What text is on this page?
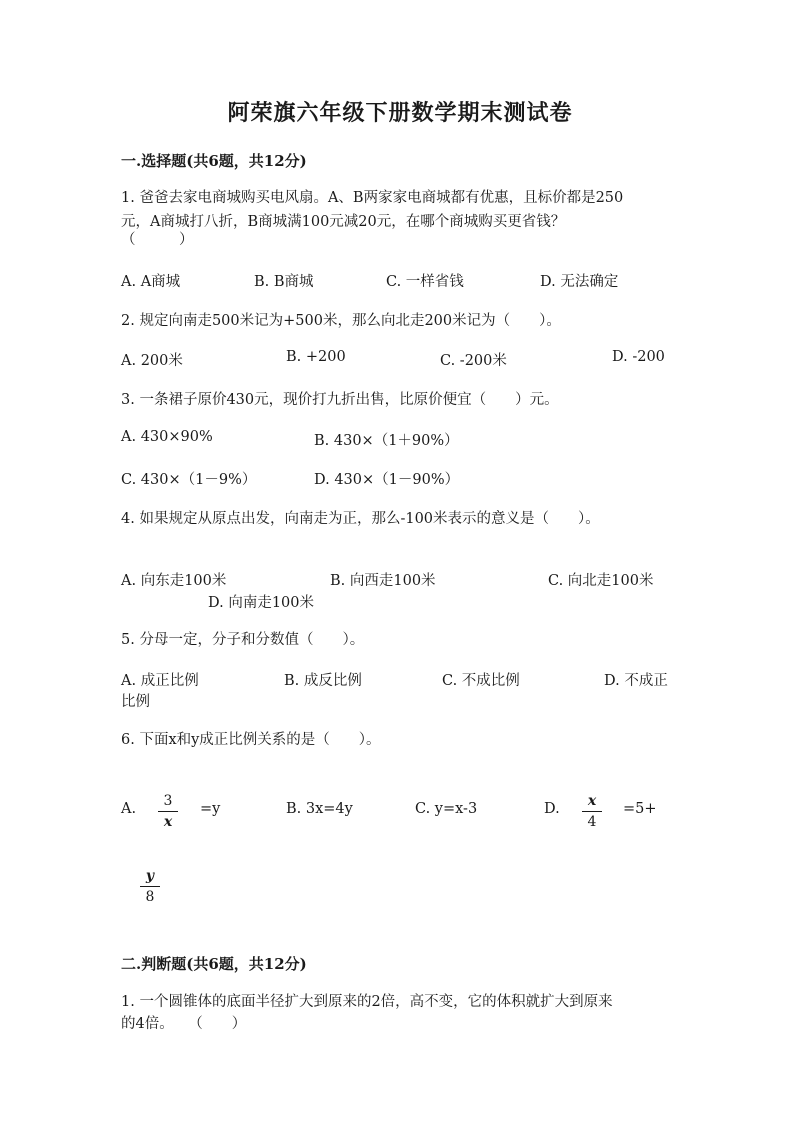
阿荣旗六年级下册数学期末测试卷
一.选择题(共6题，共12分)
1. 爸爸去家电商城购买电风扇。A、B两家家电商城都有优惠，且标价都是250
元，A商城打八折，B商城满100元减20元，在哪个商城购买更省钱？
（　　　）
A. A商城	B. B商城	C. 一样省钱	D. 无法确定
2. 规定向南走500米记为+500米，那么向北走200米记为（　　）。
A. 200米	B. +200	C. -200米	D. -200
3. 一条裙子原价430元，现价打九折出售，比原价便宜（　　）元。
A. 430×90%	B. 430×（1＋90%）
C. 430×（1－9%）	D. 430×（1－90%）
4. 如果规定从原点出发，向南走为正，那么-100米表示的意义是（　　）。
A. 向东走100米	B. 向西走100米	C. 向北走100米
D. 向南走100米
5. 分母一定，分子和分数值（　　）。
A. 成正比例	B. 成反比例	C. 不成比例	D. 不成正
比例
6. 下面x和y成正比例关系的是（　　）。
A.	3
x
=y	B. 3x=4y	C. y=x-3	D.	x
4
=5+
y
8
二.判断题(共6题，共12分)
1. 一个圆锥体的底面半径扩大到原来的2倍，高不变，它的体积就扩大到原来
的4倍。　　（　　）
